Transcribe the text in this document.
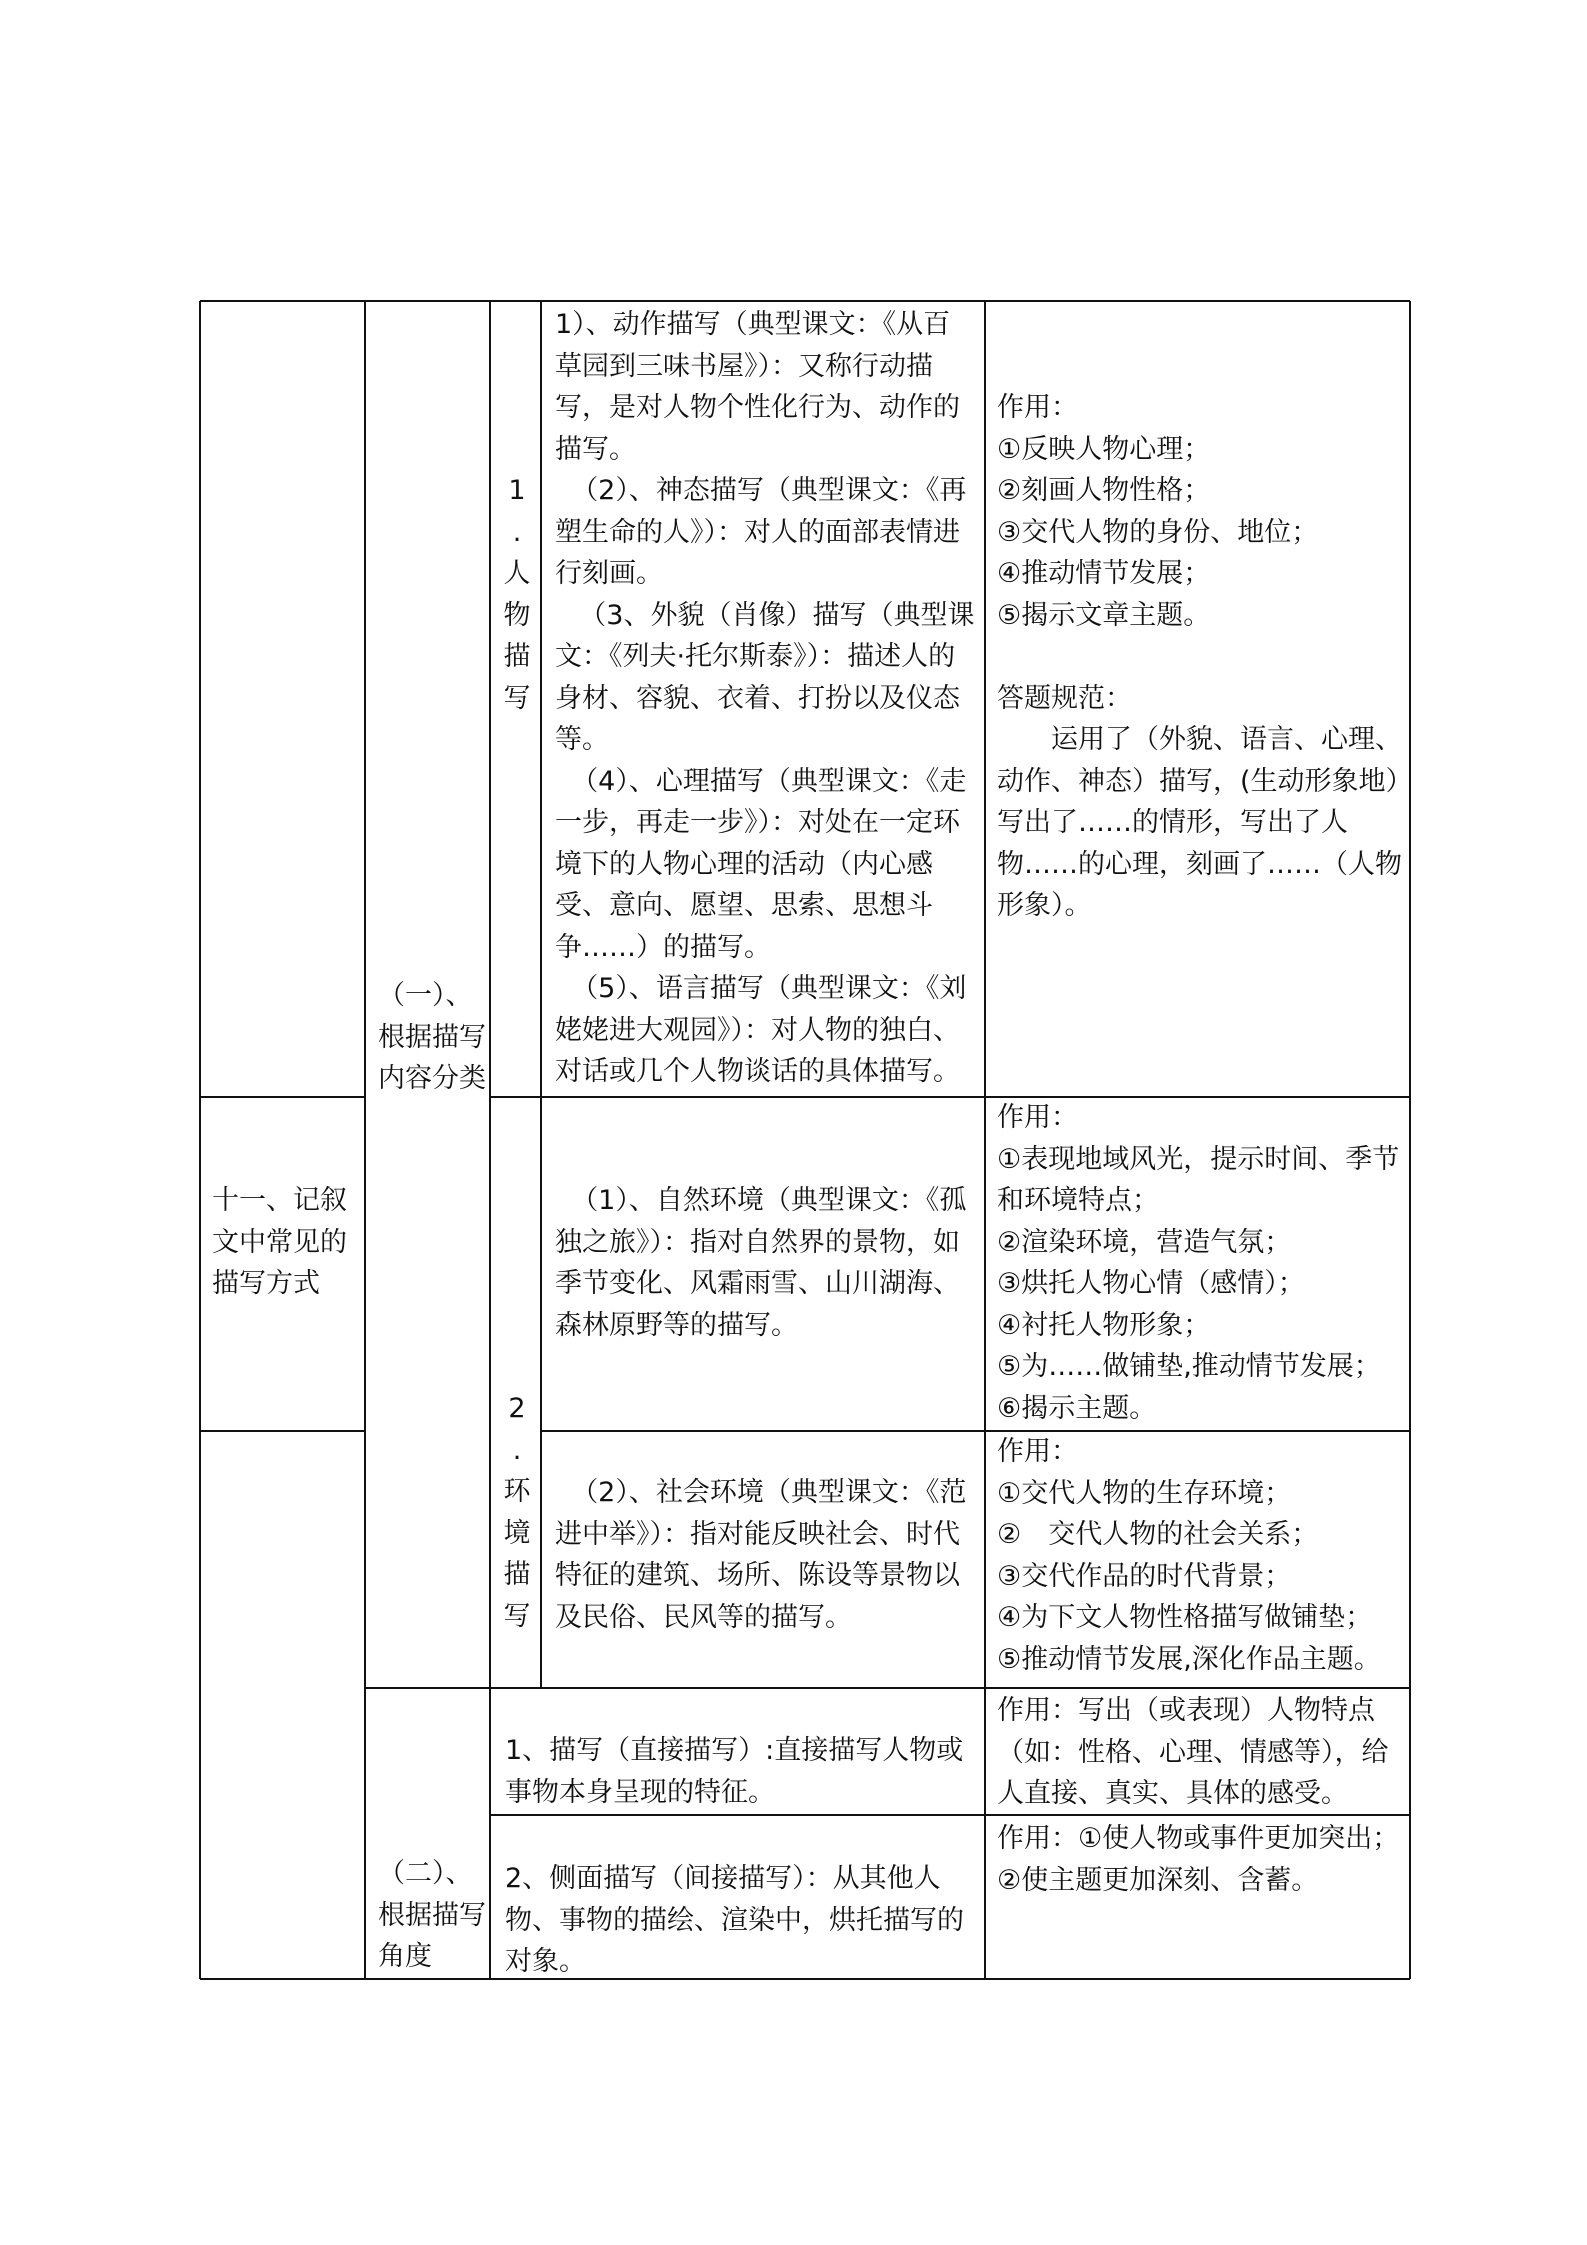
十一、记叙文中常见的描写方式

（一）、根据描写内容分类

1
.
人
物
描
写

1）、动作描写（典型课文：《从百草园到三味书屋》）：又称行动描写，是对人物个性化行为、动作的描写。

（2）、神态描写（典型课文：《再塑生命的人》）：对人的面部表情进行刻画。

（3、外貌（肖像）描写（典型课文：《列夫·托尔斯泰》）：描述人的身材、容貌、衣着、打扮以及仪态等。

（4）、心理描写（典型课文：《走一步，再走一步》）：对处在一定环境下的人物心理的活动（内心感受、意向、愿望、思索、思想斗争……）的描写。

（5）、语言描写（典型课文：《刘姥姥进大观园》）：对人物的独白、对话或几个人物谈话的具体描写。

作用：

①反映人物心理；

②刻画人物性格；

③交代人物的身份、地位；

④推动情节发展；

⑤揭示文章主题。

答题规范：

运用了（外貌、语言、心理、动作、神态）描写，(生动形象地）写出了……的情形，写出了人物……的心理，刻画了……（人物形象）。

2
.
环
境
描
写

（1）、自然环境（典型课文：《孤独之旅》）：指对自然界的景物，如季节变化、风霜雨雪、山川湖海、森林原野等的描写。

作用：

①表现地域风光，提示时间、季节和环境特点；

②渲染环境，营造气氛；

③烘托人物心情（感情）；

④衬托人物形象；

⑤为……做铺垫,推动情节发展；

⑥揭示主题。

（2）、社会环境（典型课文：《范进中举》）：指对能反映社会、时代特征的建筑、场所、陈设等景物以及民俗、民风等的描写。

作用：

①交代人物的生存环境；

②　交代人物的社会关系；

③交代作品的时代背景；

④为下文人物性格描写做铺垫；

⑤推动情节发展,深化作品主题。

（二）、根据描写角度

1、描写（直接描写）:直接描写人物或事物本身呈现的特征。

作用：写出（或表现）人物特点（如：性格、心理、情感等），给人直接、真实、具体的感受。

2、侧面描写（间接描写）：从其他人物、事物的描绘、渲染中，烘托描写的对象。

作用：①使人物或事件更加突出；②使主题更加深刻、含蓄。
